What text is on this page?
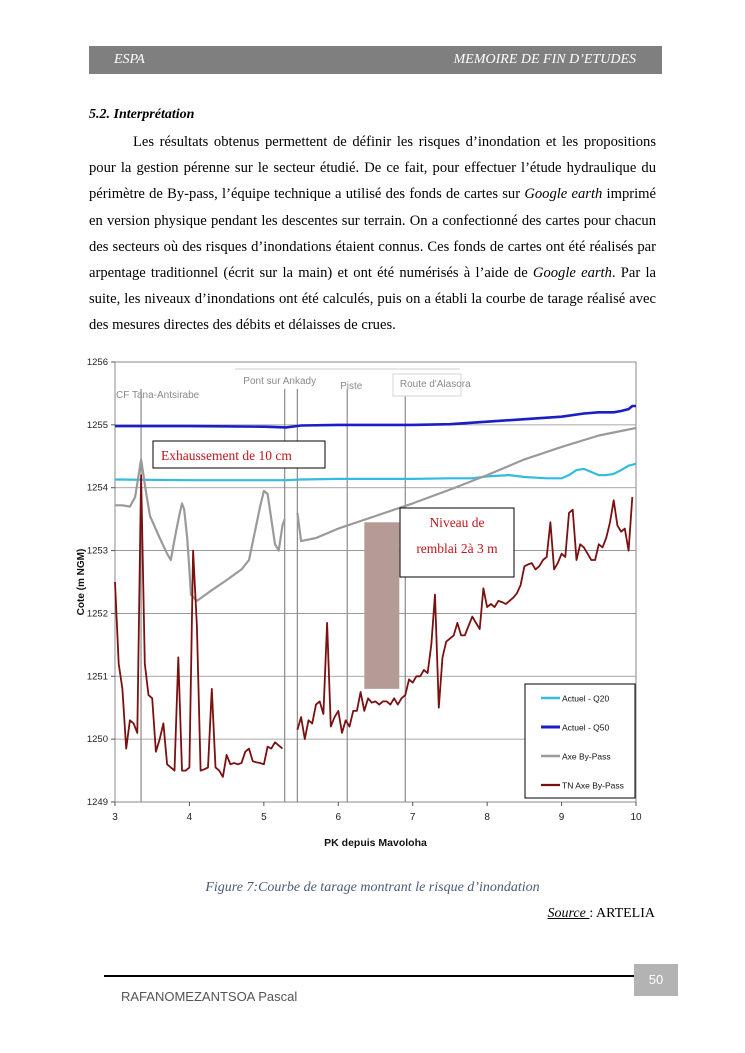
ESPA	MEMOIRE DE FIN D’ETUDES
5.2. Interprétation

Les résultats obtenus permettent de définir les risques d’inondation et les propositions pour la gestion pérenne sur le secteur étudié. De ce fait, pour effectuer l’étude hydraulique du périmètre de By-pass, l’équipe technique a utilisé des fonds de cartes sur Google earth imprimé en version physique pendant les descentes sur terrain. On a confectionné des cartes pour chacun des secteurs où des risques d’inondations étaient connus. Ces fonds de cartes ont été réalisés par arpentage traditionnel (écrit sur la main) et ont été numérisés à l’aide de Google earth. Par la suite, les niveaux d’inondations ont été calculés, puis on a établi la courbe de tarage réalisé avec des mesures directes des débits et délaisses de crues.

1249
1250
1251
1252
1253
1254
1255
1256
3	4	5	6	7	8	9	10
PK depuis Mavoloha
Cote (m NGM)
CF Tana-Antsirabe
Pont sur Ankady Piste	Route d'Alasora
Exhaussement de 10 cm
Niveau de
remblai 2à 3 m
Actuel - Q20
Actuel - Q50
Axe By-Pass
TN Axe By-Pass
Figure 7:Courbe de tarage montrant le risque d’inondation
Source : ARTELIA
50
RAFANOMEZANTSOA Pascal
